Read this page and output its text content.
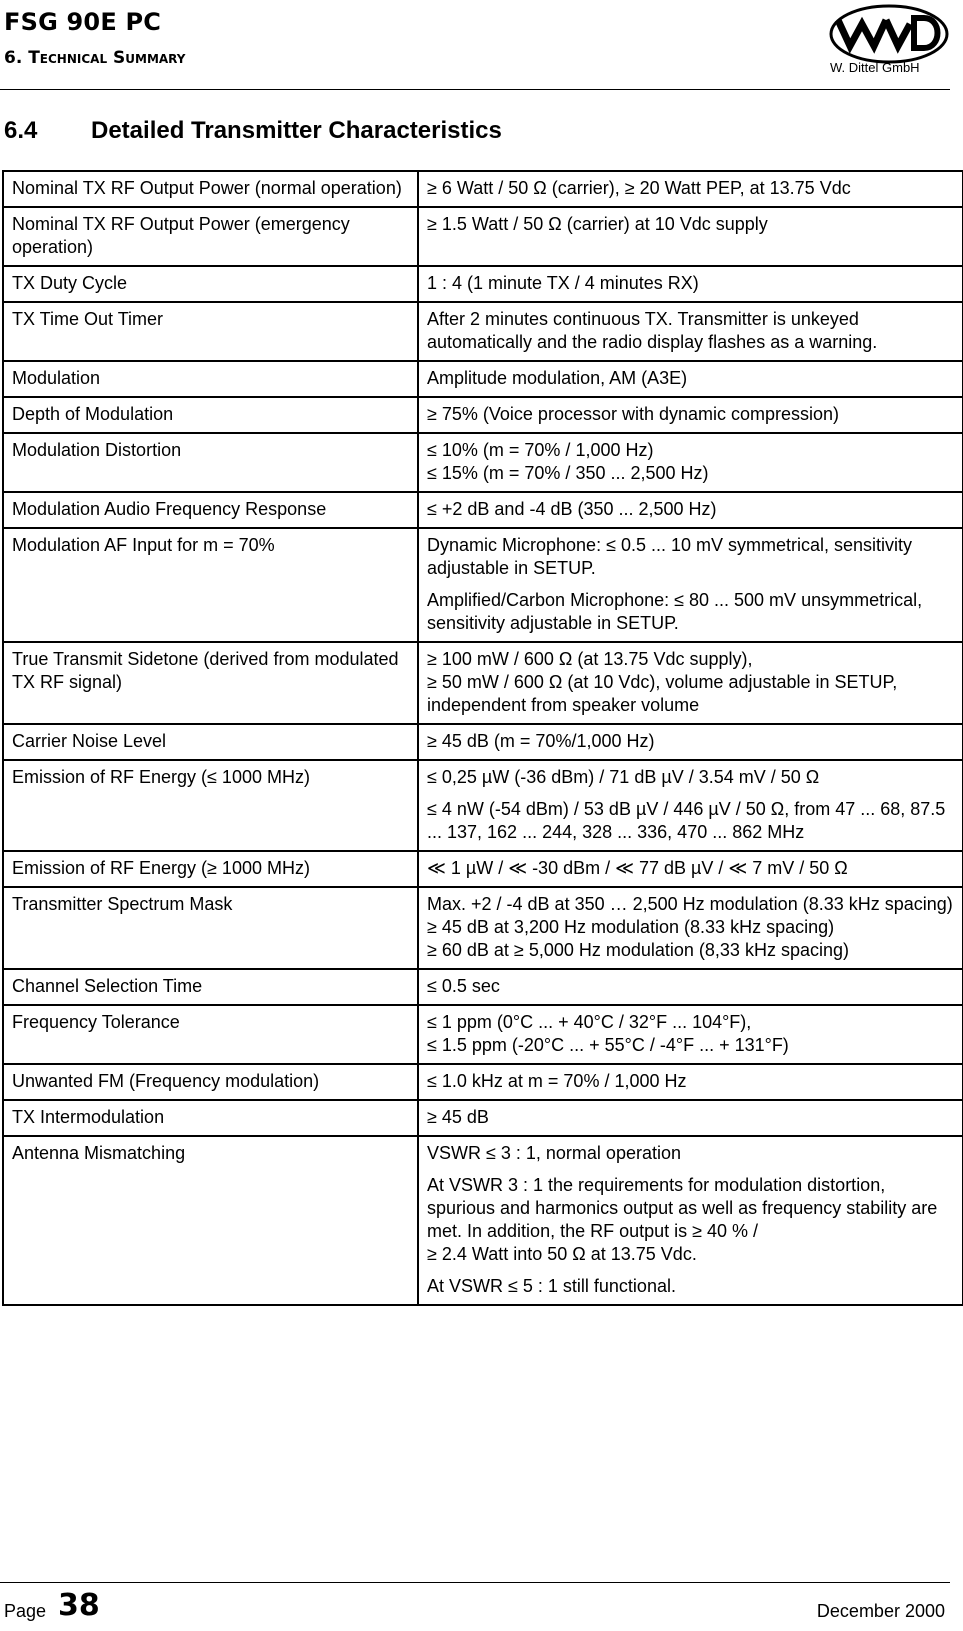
FSG 90E PC
6. Technical Summary	W. Dittel GmbH
6.4 Detailed Transmitter Characteristics
Nominal TX RF Output Power (normal operation)	≥ 6 Watt / 50 Ω (carrier), ≥ 20 Watt PEP, at 13.75 Vdc

Nominal TX RF Output Power (emergency operation)	≥ 1.5 Watt / 50 Ω (carrier) at 10 Vdc supply

TX Duty Cycle	1 : 4 (1 minute TX / 4 minutes RX)

TX Time Out Timer	After 2 minutes continuous TX. Transmitter is unkeyed automatically and the radio display flashes as a warning.

Modulation	Amplitude modulation, AM (A3E)

Depth of Modulation	≥ 75% (Voice processor with dynamic compression)

Modulation Distortion	≤ 10% (m = 70% / 1,000 Hz)
≤ 15% (m = 70% / 350 ... 2,500 Hz)

Modulation Audio Frequency Response	≤ +2 dB and -4 dB (350 ... 2,500 Hz)

Modulation AF Input for m = 70%	Dynamic Microphone: ≤ 0.5 ... 10 mV symmetrical, sensitivity adjustable in SETUP.

Amplified/Carbon Microphone: ≤ 80 ... 500 mV unsymmetrical, sensitivity adjustable in SETUP.

True Transmit Sidetone (derived from modulated TX RF signal)	≥ 100 mW / 600 Ω (at 13.75 Vdc supply),
≥ 50 mW / 600 Ω (at 10 Vdc), volume adjustable in SETUP, independent from speaker volume

Carrier Noise Level	≥ 45 dB (m = 70%/1,000 Hz)

Emission of RF Energy (≤ 1000 MHz)	≤ 0,25 µW (-36 dBm) / 71 dB µV / 3.54 mV / 50 Ω

≤ 4 nW (-54 dBm) / 53 dB µV / 446 µV / 50 Ω, from 47 ... 68, 87.5 ... 137, 162 ... 244, 328 ... 336, 470 ... 862 MHz

Emission of RF Energy (≥ 1000 MHz)	≪ 1 µW / ≪ -30 dBm / ≪ 77 dB µV / ≪ 7 mV / 50 Ω

Transmitter Spectrum Mask	Max. +2 / -4 dB at 350 … 2,500 Hz modulation (8.33 kHz spacing)
≥ 45 dB at 3,200 Hz modulation (8.33 kHz spacing)
≥ 60 dB at ≥ 5,000 Hz modulation (8,33 kHz spacing)

Channel Selection Time	≤ 0.5 sec

Frequency Tolerance	≤ 1 ppm (0°C ... + 40°C / 32°F ... 104°F),
≤ 1.5 ppm (-20°C ... + 55°C / -4°F ... + 131°F)

Unwanted FM (Frequency modulation)	≤ 1.0 kHz at m = 70% / 1,000 Hz

TX Intermodulation	≥ 45 dB

Antenna Mismatching	VSWR ≤ 3 : 1, normal operation

At VSWR 3 : 1 the requirements for modulation distortion, spurious and harmonics output as well as frequency stability are met. In addition, the RF output is ≥ 40 % /
≥ 2.4 Watt into 50 Ω at 13.75 Vdc.

At VSWR ≤ 5 : 1 still functional.

Page 38	December 2000
